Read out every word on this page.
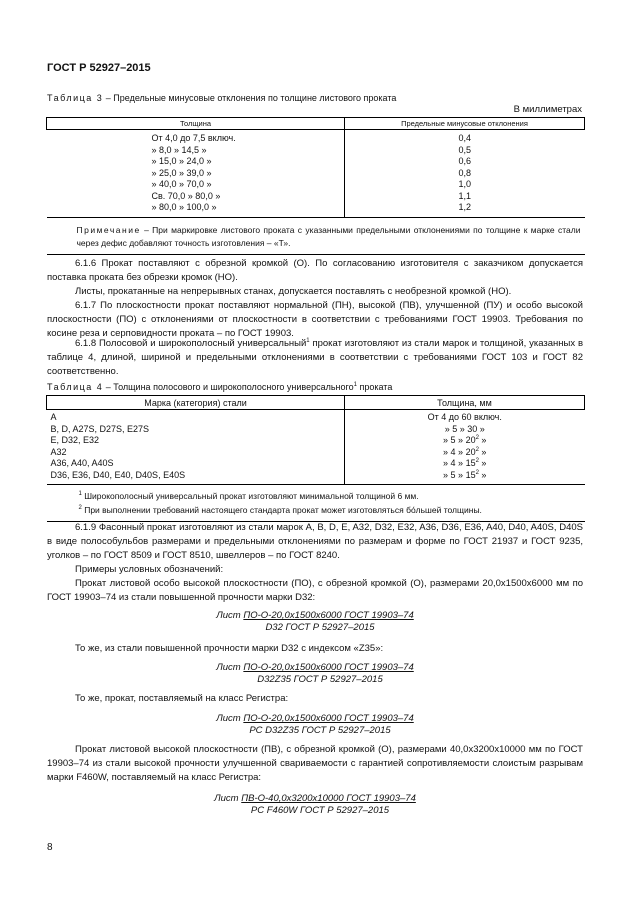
ГОСТ Р 52927–2015
Таблица 3 – Предельные минусовые отклонения по толщине листового проката
В миллиметрах
Толщина	Предельные минусовые отклонения
От 4,0 до 7,5 включ.	0,4
» 8,0 » 14,5 »	0,5
» 15,0 » 24,0 »	0,6
» 25,0 » 39,0 »	0,8
» 40,0 » 70,0 »	1,0
Св. 70,0 » 80,0 »	1,1
» 80,0 » 100,0 »	1,2
Примечание – При маркировке листового проката с указанными предельными отклонениями по толщине к марке стали через дефис добавляют точность изготовления – «Т».	
6.1.6 Прокат поставляют с обрезной кромкой (О). По согласованию изготовителя с заказчиком допускается поставка проката без обрезки кромок (НО).
Листы, прокатанные на непрерывных станах, допускается поставлять с необрезной кромкой (НО).
6.1.7 По плоскостности прокат поставляют нормальной (ПН), высокой (ПВ), улучшенной (ПУ) и особо высокой плоскостности (ПО) с отклонениями от плоскостности в соответствии с требованиями ГОСТ 19903. Требования по косине реза и серповидности проката – по ГОСТ 19903.
6.1.8 Полосовой и широкополосный универсальный$^1$ прокат изготовляют из стали марок и толщиной, указанных в таблице 4, длиной, шириной и предельными отклонениями в соответствии с требованиями ГОСТ 103 и ГОСТ 82 соответственно.
Таблица 4 – Толщина полосового и широкополосного универсального$^1$ проката
Марка (категория) стали	Толщина, мм
A	От 4 до 60 включ.
B, D, A27S, D27S, E27S	» 5 » 30 »
E, D32, E32	» 5 » $20^2$ »
A32	» 4 » $20^2$ »
A36, A40, A40S	» 4 » $15^2$ »
D36, E36, D40, E40, D40S, E40S	» 5 » $15^2$ »

$^1$ Широкополосный универсальный прокат изготовляют минимальной толщиной 6 мм.
$^2$ При выполнении требований настоящего стандарта прокат может изготовляться бо́льшей толщины.	
6.1.9 Фасонный прокат изготовляют из стали марок A, B, D, E, A32, D32, E32, A36, D36, E36, A40, D40, A40S, D40S в виде полособульбов размерами и предельными отклонениями по размерам и форме по ГОСТ 21937 и ГОСТ 9235, уголков – по ГОСТ 8509 и ГОСТ 8510, швеллеров – по ГОСТ 8240.
Примеры условных обозначений:
Прокат листовой особо высокой плоскостности (ПО), с обрезной кромкой (О), размерами 20,0х1500х6000 мм по ГОСТ 19903–74 из стали повышенной прочности марки D32:
Лист ПО-О-20,0х1500х6000 ГОСТ 19903–74
D32 ГОСТ Р 52927–2015
То же, из стали повышенной прочности марки D32 с индексом «Z35»:
Лист ПО-О-20,0х1500х6000 ГОСТ 19903–74
D32Z35 ГОСТ Р 52927–2015
То же, прокат, поставляемый на класс Регистра:
Лист ПО-О-20,0х1500х6000 ГОСТ 19903–74
РС D32Z35 ГОСТ Р 52927–2015
Прокат листовой высокой плоскостности (ПВ), с обрезной кромкой (О), размерами 40,0х3200х10000 мм по ГОСТ 19903–74 из стали высокой прочности улучшенной свариваемости с гарантией сопротивляемости слоистым разрывам марки F460W, поставляемый на класс Регистра:
Лист ПВ-О-40,0х3200х10000 ГОСТ 19903–74
РС F460W ГОСТ Р 52927–2015
8
